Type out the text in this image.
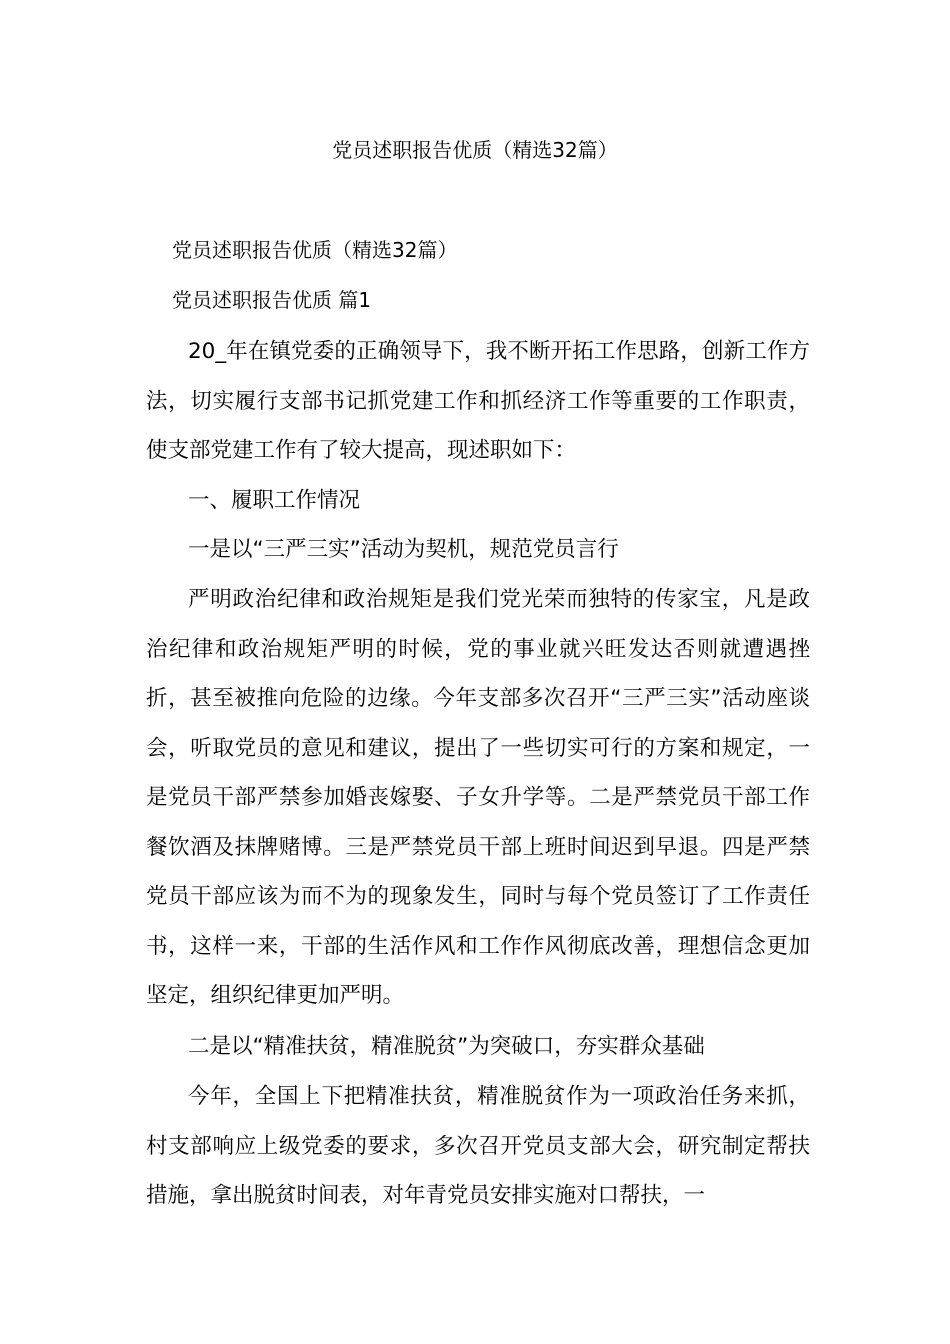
党员述职报告优质（精选32篇）
党员述职报告优质（精选32篇）
党员述职报告优质 篇1

20_年在镇党委的正确领导下，我不断开拓工作思路，创新工作方法，切实履行支部书记抓党建工作和抓经济工作等重要的工作职责，使支部党建工作有了较大提高，现述职如下：

一、履职工作情况

一是以“三严三实”活动为契机，规范党员言行

严明政治纪律和政治规矩是我们党光荣而独特的传家宝，凡是政治纪律和政治规矩严明的时候，党的事业就兴旺发达否则就遭遇挫折，甚至被推向危险的边缘。今年支部多次召开“三严三实”活动座谈会，听取党员的意见和建议，提出了一些切实可行的方案和规定，一是党员干部严禁参加婚丧嫁娶、子女升学等。二是严禁党员干部工作餐饮酒及抹牌赌博。三是严禁党员干部上班时间迟到早退。四是严禁党员干部应该为而不为的现象发生，同时与每个党员签订了工作责任书，这样一来，干部的生活作风和工作作风彻底改善，理想信念更加坚定，组织纪律更加严明。

二是以“精准扶贫，精准脱贫”为突破口，夯实群众基础

今年，全国上下把精准扶贫，精准脱贫作为一项政治任务来抓，村支部响应上级党委的要求，多次召开党员支部大会，研究制定帮扶措施，拿出脱贫时间表，对年青党员安排实施对口帮扶，一
